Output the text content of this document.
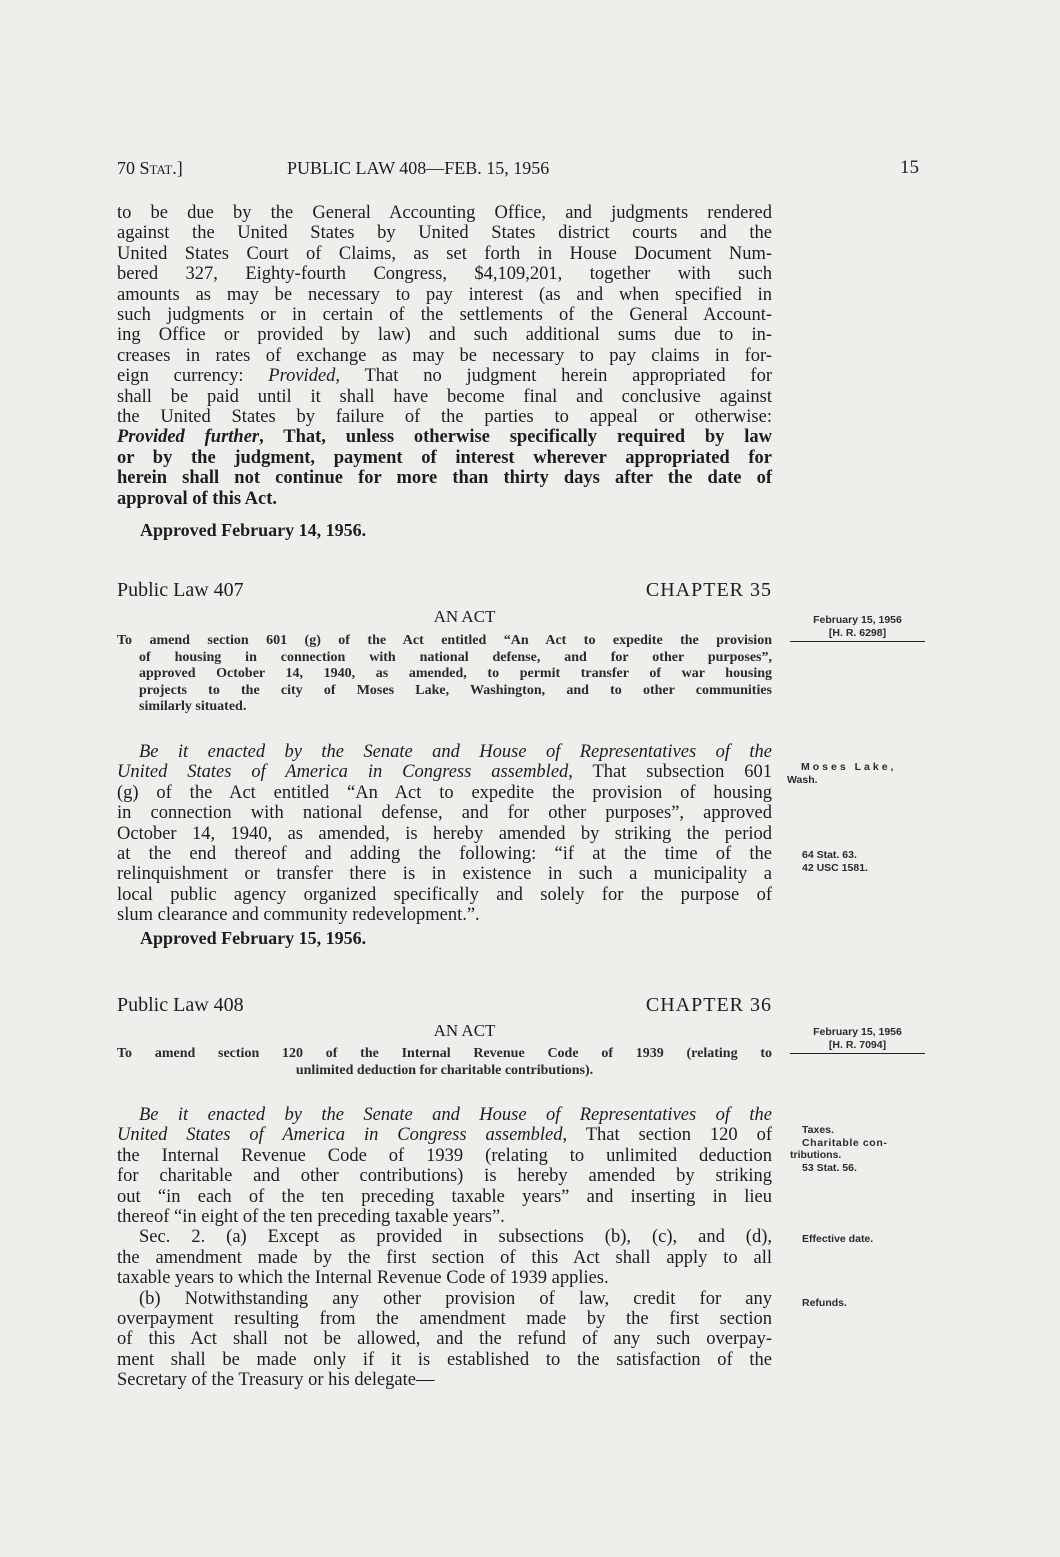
70 Stat.]	PUBLIC LAW 408—FEB. 15, 1956	15
to be due by the General Accounting Office, and judgments rendered
against the United States by United States district courts and the
United States Court of Claims, as set forth in House Document Num-
bered 327, Eighty-fourth Congress, $4,109,201, together with such
amounts as may be necessary to pay interest (as and when specified in
such judgments or in certain of the settlements of the General Account-
ing Office or provided by law) and such additional sums due to in-
creases in rates of exchange as may be necessary to pay claims in for-
eign currency: Provided, That no judgment herein appropriated for
shall be paid until it shall have become final and conclusive against
the United States by failure of the parties to appeal or otherwise:
Provided further, That, unless otherwise specifically required by law
or by the judgment, payment of interest wherever appropriated for
herein shall not continue for more than thirty days after the date of
approval of this Act.
Approved February 14, 1956.
Public Law 407	CHAPTER 35
AN ACT
To amend section 601 (g) of the Act entitled “An Act to expedite the provision
of housing in connection with national defense, and for other purposes”,
approved October 14, 1940, as amended, to permit transfer of war housing
projects to the city of Moses Lake, Washington, and to other communities
similarly situated.
Be it enacted by the Senate and House of Representatives of the
United States of America in Congress assembled, That subsection 601
(g) of the Act entitled “An Act to expedite the provision of housing
in connection with national defense, and for other purposes”, approved
October 14, 1940, as amended, is hereby amended by striking the period
at the end thereof and adding the following: “if at the time of the
relinquishment or transfer there is in existence in such a municipality a
local public agency organized specifically and solely for the purpose of
slum clearance and community redevelopment.”.
Approved February 15, 1956.
February 15, 1956
[H. R. 6298]
Moses Lake,
Wash.
64 Stat. 63.
42 USC 1581.
Public Law 408	CHAPTER 36
AN ACT
To amend section 120 of the Internal Revenue Code of 1939 (relating to
unlimited deduction for charitable contributions).
Be it enacted by the Senate and House of Representatives of the
United States of America in Congress assembled, That section 120 of
the Internal Revenue Code of 1939 (relating to unlimited deduction
for charitable and other contributions) is hereby amended by striking
out “in each of the ten preceding taxable years” and inserting in lieu
thereof “in eight of the ten preceding taxable years”.
Sec. 2. (a) Except as provided in subsections (b), (c), and (d),
the amendment made by the first section of this Act shall apply to all
taxable years to which the Internal Revenue Code of 1939 applies.
(b) Notwithstanding any other provision of law, credit for any
overpayment resulting from the amendment made by the first section
of this Act shall not be allowed, and the refund of any such overpay-
ment shall be made only if it is established to the satisfaction of the
Secretary of the Treasury or his delegate—
February 15, 1956
[H. R. 7094]
Taxes.
Charitable con-
tributions.
53 Stat. 56.
Effective date.
Refunds.
